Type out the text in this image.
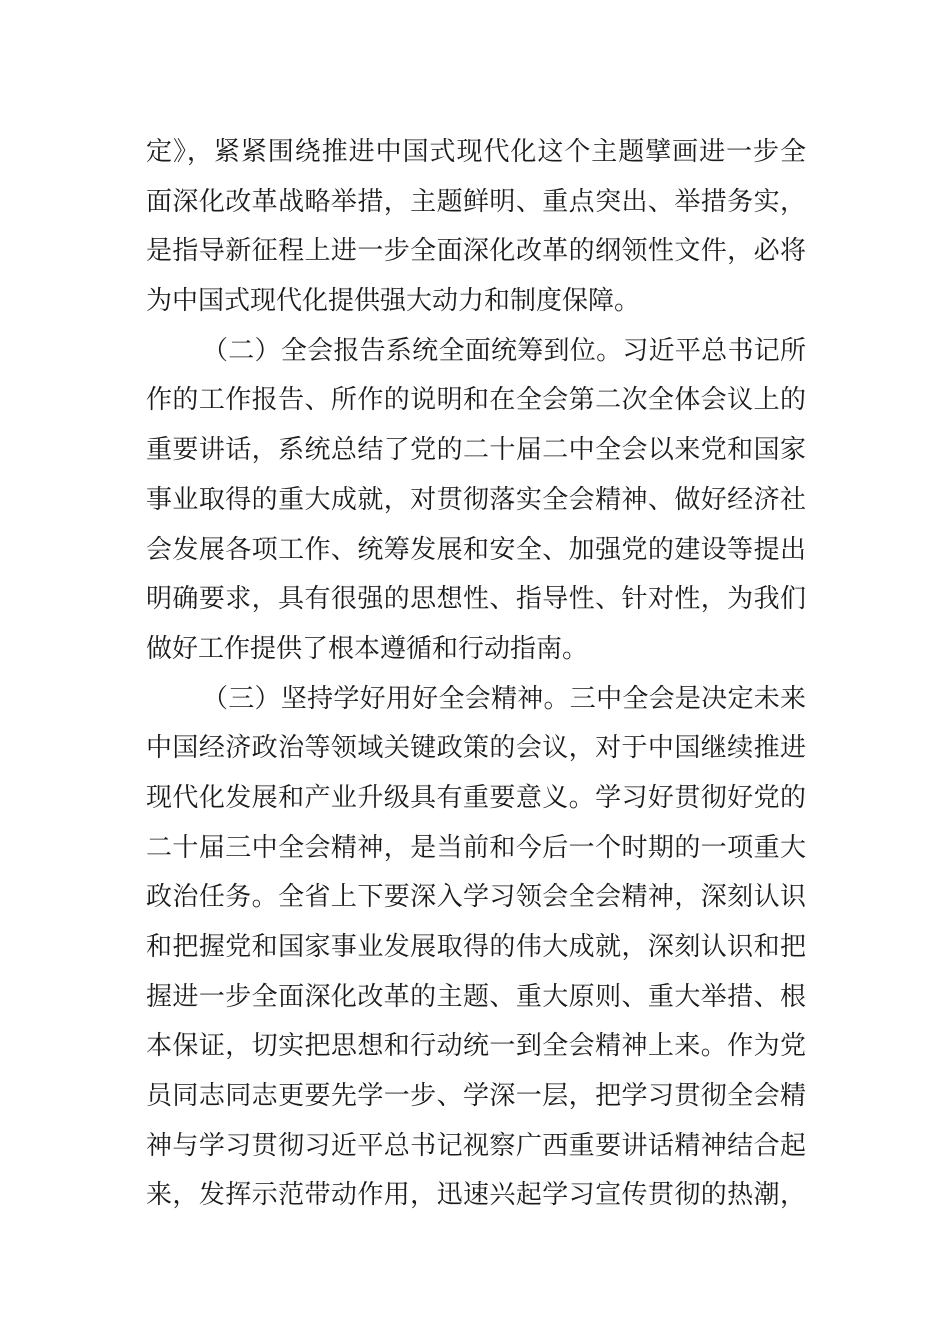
定》，紧紧围绕推进中国式现代化这个主题擘画进一步全
面深化改革战略举措，主题鲜明、重点突出、举措务实，
是指导新征程上进一步全面深化改革的纲领性文件，必将
为中国式现代化提供强大动力和制度保障。
（二）全会报告系统全面统筹到位。习近平总书记所
作的工作报告、所作的说明和在全会第二次全体会议上的
重要讲话，系统总结了党的二十届二中全会以来党和国家
事业取得的重大成就，对贯彻落实全会精神、做好经济社
会发展各项工作、统筹发展和安全、加强党的建设等提出
明确要求，具有很强的思想性、指导性、针对性，为我们
做好工作提供了根本遵循和行动指南。
（三）坚持学好用好全会精神。三中全会是决定未来
中国经济政治等领域关键政策的会议，对于中国继续推进
现代化发展和产业升级具有重要意义。学习好贯彻好党的
二十届三中全会精神，是当前和今后一个时期的一项重大
政治任务。全省上下要深入学习领会全会精神，深刻认识
和把握党和国家事业发展取得的伟大成就，深刻认识和把
握进一步全面深化改革的主题、重大原则、重大举措、根
本保证，切实把思想和行动统一到全会精神上来。作为党
员同志同志更要先学一步、学深一层，把学习贯彻全会精
神与学习贯彻习近平总书记视察广西重要讲话精神结合起
来，发挥示范带动作用，迅速兴起学习宣传贯彻的热潮，
